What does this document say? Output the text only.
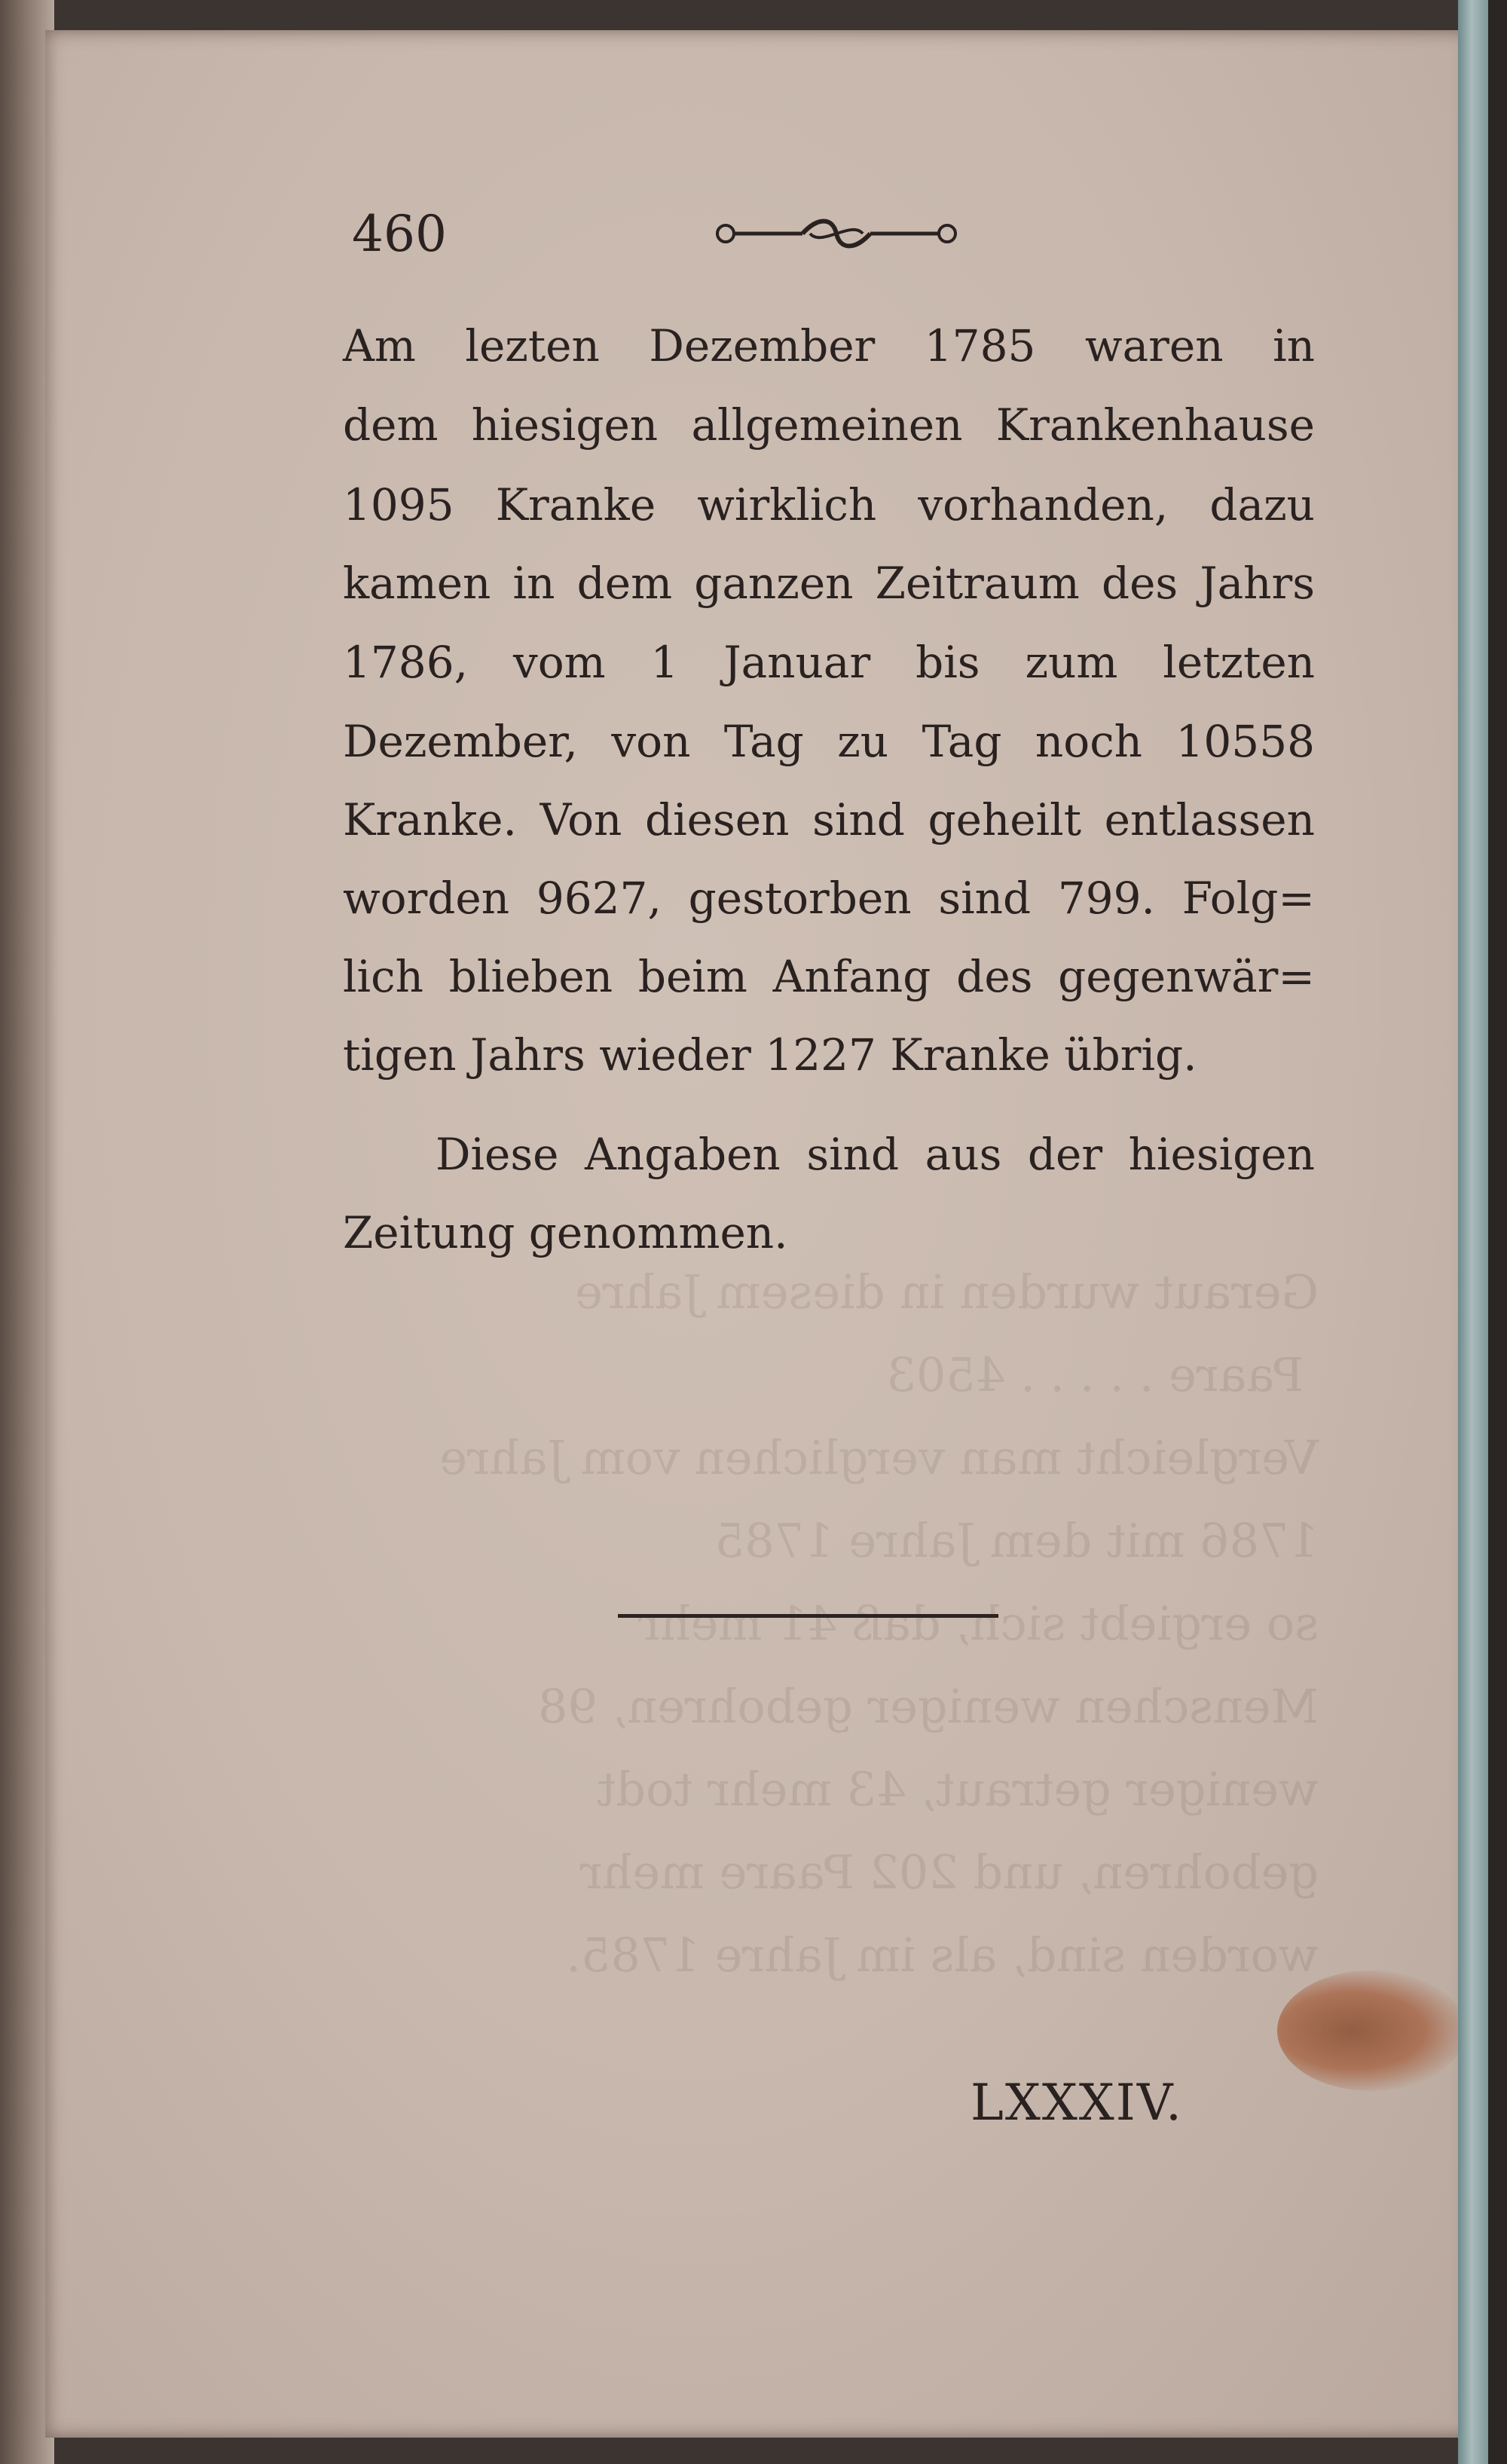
460
Am lezten Dezember 1785 waren in
dem hiesigen allgemeinen Krankenhause
1095 Kranke wirklich vorhanden, dazu
kamen in dem ganzen Zeitraum des Jahrs
1786, vom 1 Januar bis zum letzten
Dezember, von Tag zu Tag noch 10558
Kranke. Von diesen sind geheilt entlassen
worden 9627, gestorben sind 799. Folg=
lich blieben beim Anfang des gegenwär=
tigen Jahrs wieder 1227 Kranke übrig.
Diese Angaben sind aus der hiesigen
Zeitung genommen.
LXXXIV.
